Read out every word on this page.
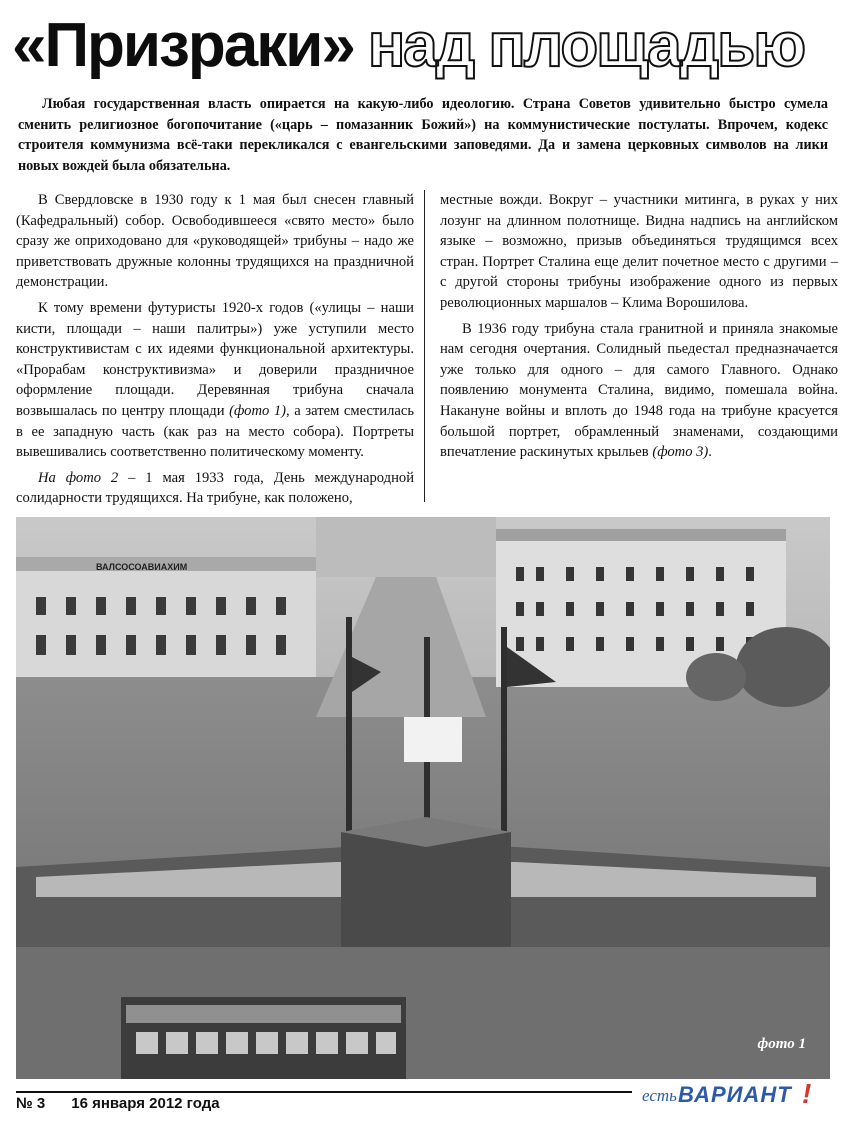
«Призраки» над площадью

Любая государственная власть опирается на какую-либо идеологию. Страна Советов удивительно быстро сумела сменить религиозное богопочитание («царь – помазанник Божий») на коммунистические постулаты. Впрочем, кодекс строителя коммунизма всё-таки перекликался с евангельскими заповедями. Да и замена церковных символов на лики новых вождей была обязательна.

В Свердловске в 1930 году к 1 мая был снесен главный (Кафедральный) собор. Освободившееся «свято место» было сразу же оприходовано для «руководящей» трибуны – надо же приветствовать дружные колонны трудящихся на праздничной демонстрации.

К тому времени футуристы 1920-х годов («улицы – наши кисти, площади – наши палитры») уже уступили место конструктивистам с их идеями функциональной архитектуры. «Прорабам конструктивизма» и доверили праздничное оформление площади. Деревянная трибуна сначала возвышалась по центру площади (фото 1), а затем сместилась в ее западную часть (как раз на место собора). Портреты вывешивались соответственно политическому моменту.

На фото 2 – 1 мая 1933 года, День международной солидарности трудящихся. На трибуне, как положено,

местные вожди. Вокруг – участники митинга, в руках у них лозунг на длинном полотнище. Видна надпись на английском языке – возможно, призыв объединяться трудящимся всех стран. Портрет Сталина еще делит почетное место с другими – с другой стороны трибуны изображение одного из первых революционных маршалов – Клима Ворошилова.

В 1936 году трибуна стала гранитной и приняла знакомые нам сегодня очертания. Солидный пьедестал предназначается уже только для одного – для самого Главного. Однако появлению монумента Сталина, видимо, помешала война. Накануне войны и вплоть до 1948 года на трибуне красуется большой портрет, обрамленный знаменами, создающими впечатление раскинутых крыльев (фото 3).

ВАЛСОСОАВИАХИМ
фото 1
№ 3 16 января 2012 года	есть ВАРИАНТ !
